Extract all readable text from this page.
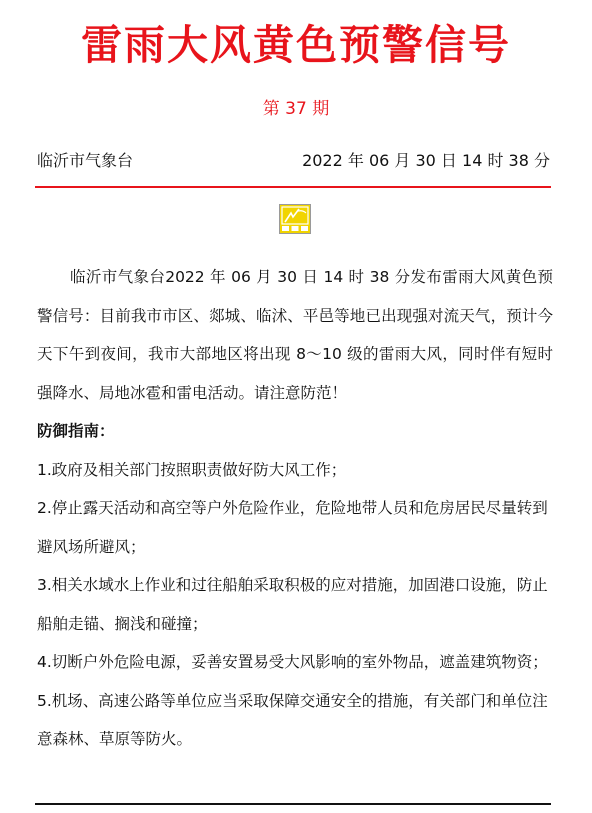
雷雨大风黄色预警信号
第 37 期
临沂市气象台	2022 年 06 月 30 日 14 时 38 分

临沂市气象台2022 年 06 月 30 日 14 时 38 分发布雷雨大风黄色预警信号：目前我市市区、郯城、临沭、平邑等地已出现强对流天气，预计今天下午到夜间，我市大部地区将出现 8～10 级的雷雨大风，同时伴有短时强降水、局地冰雹和雷电活动。请注意防范！

防御指南：

1.政府及相关部门按照职责做好防大风工作；

2.停止露天活动和高空等户外危险作业，危险地带人员和危房居民尽量转到避风场所避风；

3.相关水域水上作业和过往船舶采取积极的应对措施，加固港口设施，防止船舶走锚、搁浅和碰撞；

4.切断户外危险电源，妥善安置易受大风影响的室外物品，遮盖建筑物资；

5.机场、高速公路等单位应当采取保障交通安全的措施，有关部门和单位注意森林、草原等防火。
